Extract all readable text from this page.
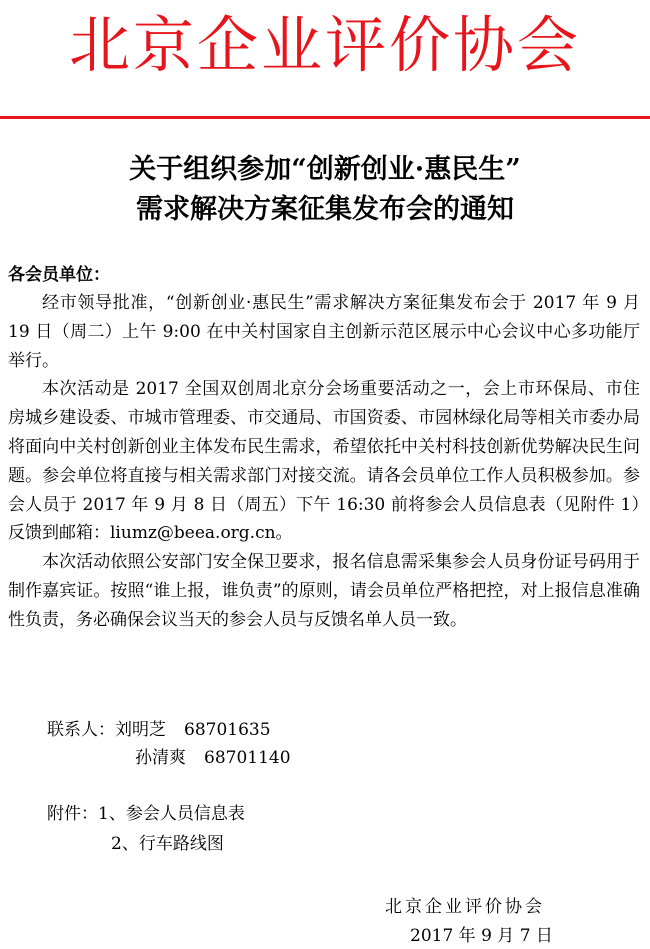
北京企业评价协会
关于组织参加“创新创业·惠民生”
需求解决方案征集发布会的通知
各会员单位：

经市领导批准，“创新创业·惠民生”需求解决方案征集发布会于 2017 年 9 月 19 日（周二）上午 9:00 在中关村国家自主创新示范区展示中心会议中心多功能厅举行。

本次活动是 2017 全国双创周北京分会场重要活动之一，会上市环保局、市住房城乡建设委、市城市管理委、市交通局、市国资委、市园林绿化局等相关市委办局将面向中关村创新创业主体发布民生需求，希望依托中关村科技创新优势解决民生问题。参会单位将直接与相关需求部门对接交流。请各会员单位工作人员积极参加。参会人员于 2017 年 9 月 8 日（周五）下午 16:30 前将参会人员信息表（见附件 1）反馈到邮箱：liumz@beea.org.cn。

本次活动依照公安部门安全保卫要求，报名信息需采集参会人员身份证号码用于制作嘉宾证。按照“谁上报，谁负责”的原则，请会员单位严格把控，对上报信息准确性负责，务必确保会议当天的参会人员与反馈名单人员一致。

联系人：刘明芝 68701635
孙清爽 68701140
附件：1、参会人员信息表
2、行车路线图
北京企业评价协会
2017 年 9 月 7 日
